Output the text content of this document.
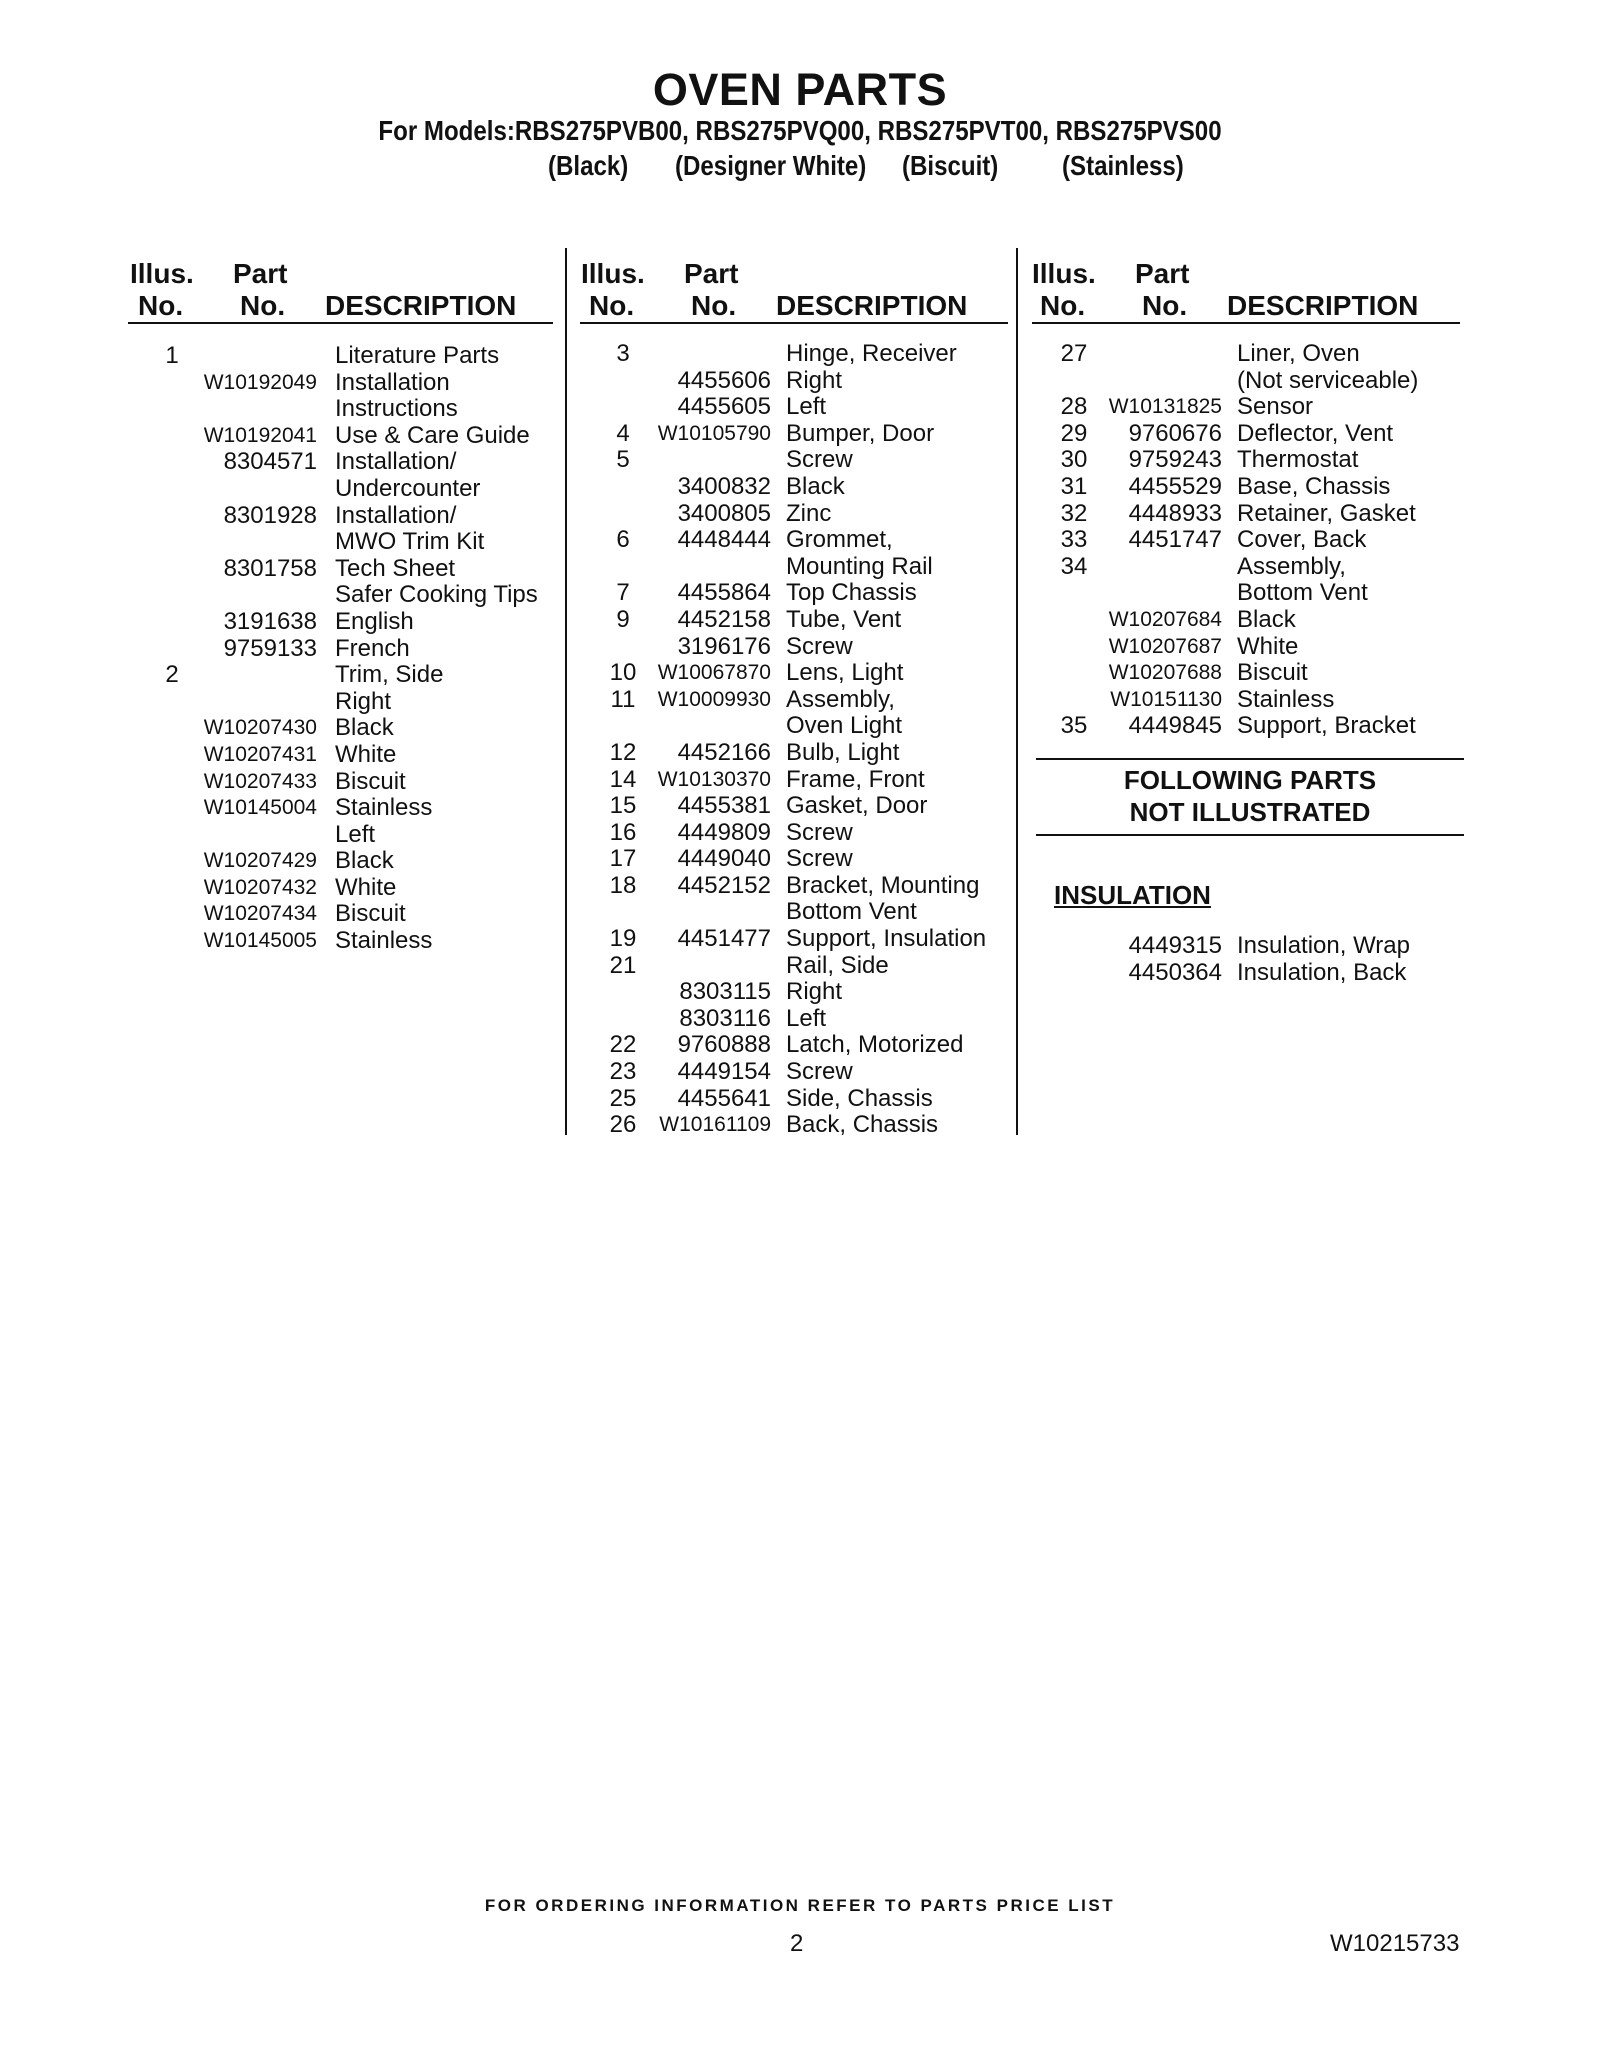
OVEN PARTS
For Models:RBS275PVB00, RBS275PVQ00, RBS275PVT00, RBS275PVS00
(Black) (Designer White) (Biscuit) (Stainless)
Illus.
No.
Part
No. DESCRIPTION
Illus.
No.
Part
No. DESCRIPTION
Illus.
No.
Part
No. DESCRIPTION
1	Literature Parts
W10192049 Installation
Instructions
W10192041 Use & Care Guide
8304571 Installation/
Undercounter
8301928 Installation/
MWO Trim Kit
8301758 Tech Sheet
Safer Cooking Tips
3191638 English
9759133 French
2	Trim, Side
Right
W10207430 Black
W10207431 White
W10207433 Biscuit
W10145004 Stainless
Left
W10207429 Black
W10207432 White
W10207434 Biscuit
W10145005 Stainless
3	Hinge, Receiver
4455606 Right
4455605 Left
4	W10105790 Bumper, Door
5	Screw
3400832 Black
3400805 Zinc
6	4448444 Grommet,
Mounting Rail
7	4455864 Top Chassis
9	4452158 Tube, Vent
3196176 Screw
10	W10067870 Lens, Light
11	W10009930 Assembly,
Oven Light
12	4452166 Bulb, Light
14	W10130370 Frame, Front
15	4455381 Gasket, Door
16	4449809 Screw
17	4449040 Screw
18	4452152 Bracket, Mounting
Bottom Vent
19	4451477 Support, Insulation
21	Rail, Side
8303115 Right
8303116 Left
22	9760888 Latch, Motorized
23	4449154 Screw
25	4455641 Side, Chassis
26	W10161109 Back, Chassis
27	Liner, Oven
(Not serviceable)
28	W10131825 Sensor
29	9760676 Deflector, Vent
30	9759243 Thermostat
31	4455529 Base, Chassis
32	4448933 Retainer, Gasket
33	4451747 Cover, Back
34	Assembly,
Bottom Vent
W10207684 Black
W10207687 White
W10207688 Biscuit
W10151130 Stainless
35	4449845 Support, Bracket
FOLLOWING PARTS
NOT ILLUSTRATED
INSULATION
4449315 Insulation, Wrap
4450364 Insulation, Back
FOR ORDERING INFORMATION REFER TO PARTS PRICE LIST
2	W10215733
